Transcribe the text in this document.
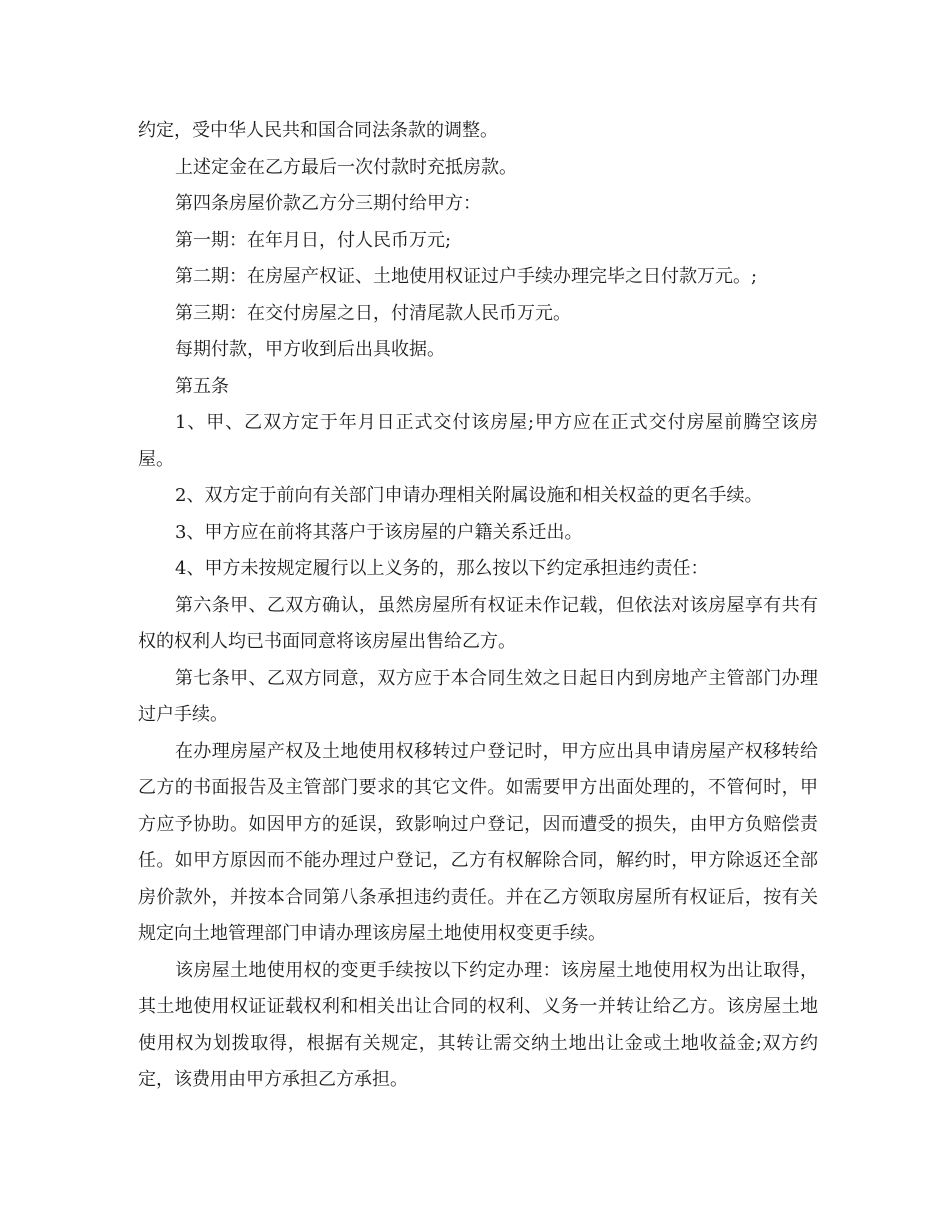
约定，受中华人民共和国合同法条款的调整。

上述定金在乙方最后一次付款时充抵房款。

第四条房屋价款乙方分三期付给甲方：

第一期：在年月日，付人民币万元;

第二期：在房屋产权证、土地使用权证过户手续办理完毕之日付款万元。;

第三期：在交付房屋之日，付清尾款人民币万元。

每期付款，甲方收到后出具收据。

第五条

1、甲、乙双方定于年月日正式交付该房屋;甲方应在正式交付房屋前腾空该房屋。

2、双方定于前向有关部门申请办理相关附属设施和相关权益的更名手续。

3、甲方应在前将其落户于该房屋的户籍关系迁出。

4、甲方未按规定履行以上义务的，那么按以下约定承担违约责任：

第六条甲、乙双方确认，虽然房屋所有权证未作记载，但依法对该房屋享有共有权的权利人均已书面同意将该房屋出售给乙方。

第七条甲、乙双方同意，双方应于本合同生效之日起日内到房地产主管部门办理过户手续。

在办理房屋产权及土地使用权移转过户登记时，甲方应出具申请房屋产权移转给乙方的书面报告及主管部门要求的其它文件。如需要甲方出面处理的，不管何时，甲方应予协助。如因甲方的延误，致影响过户登记，因而遭受的损失，由甲方负赔偿责任。如甲方原因而不能办理过户登记，乙方有权解除合同，解约时，甲方除返还全部房价款外，并按本合同第八条承担违约责任。并在乙方领取房屋所有权证后，按有关规定向土地管理部门申请办理该房屋土地使用权变更手续。

该房屋土地使用权的变更手续按以下约定办理：该房屋土地使用权为出让取得，其土地使用权证证载权利和相关出让合同的权利、义务一并转让给乙方。该房屋土地使用权为划拨取得，根据有关规定，其转让需交纳土地出让金或土地收益金;双方约定，该费用由甲方承担乙方承担。
